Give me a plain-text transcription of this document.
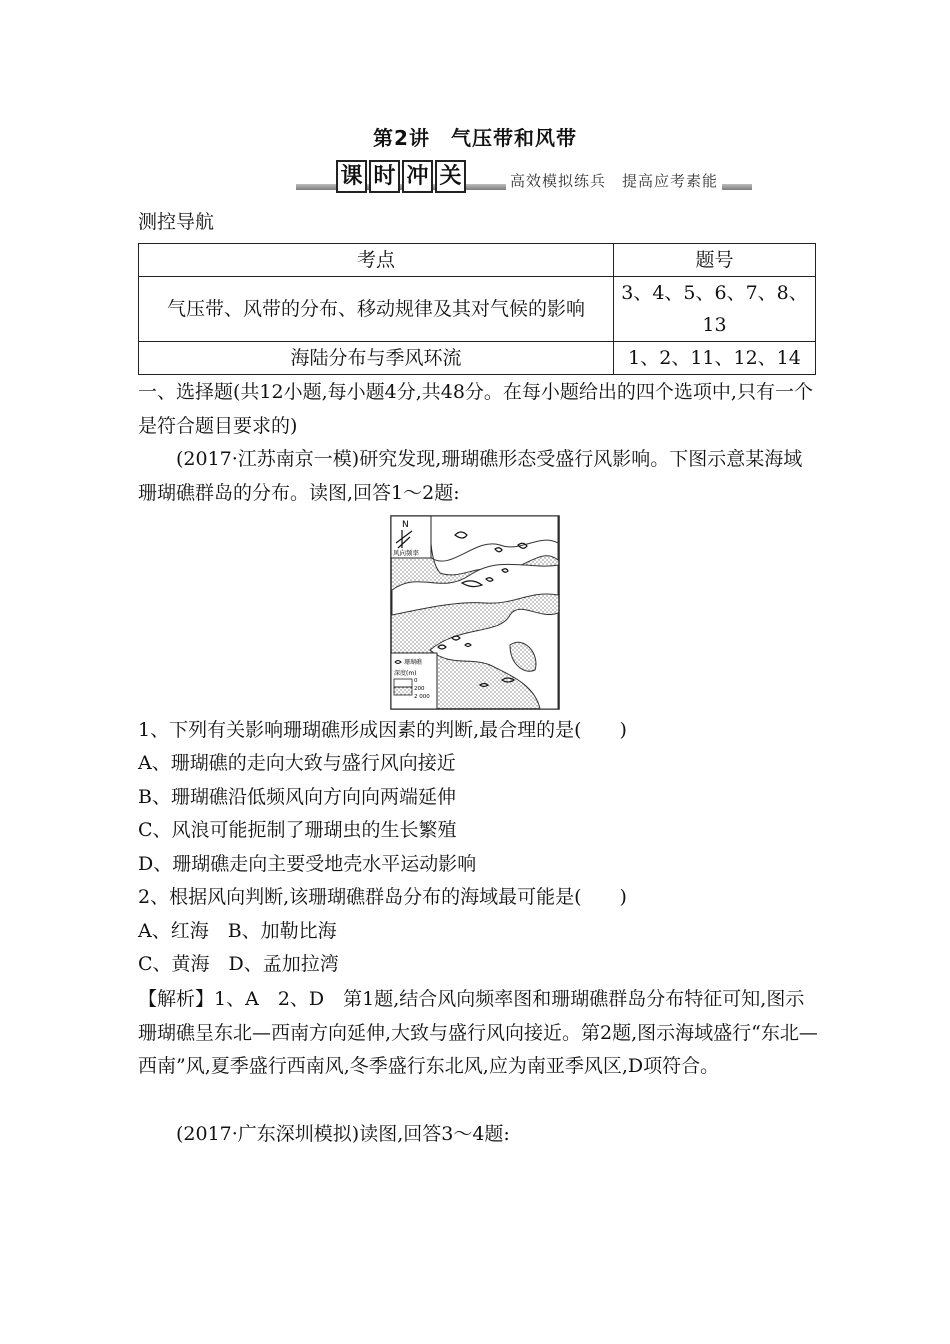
第2讲　气压带和风带
课 时 冲 关	高效模拟练兵　提高应考素能
测控导航
考点	题号
气压带、风带的分布、移动规律及其对气候的影响	3、4、5、6、7、8、13
海陆分布与季风环流	1、2、11、12、14
一、选择题(共12小题,每小题4分,共48分。在每小题给出的四个选项中,只有一个是符合题目要求的)
(2017·江苏南京一模)研究发现,珊瑚礁形态受盛行风影响。下图示意某海域珊瑚礁群岛的分布。读图,回答1～2题:
N
风向频率
珊瑚礁
深度(m)
0
200
2 000
1、下列有关影响珊瑚礁形成因素的判断,最合理的是(　　)
A、珊瑚礁的走向大致与盛行风向接近
B、珊瑚礁沿低频风向方向向两端延伸
C、风浪可能扼制了珊瑚虫的生长繁殖
D、珊瑚礁走向主要受地壳水平运动影响
2、根据风向判断,该珊瑚礁群岛分布的海域最可能是(　　)
A、红海　B、加勒比海
C、黄海　D、孟加拉湾
【解析】1、A　2、D　第1题,结合风向频率图和珊瑚礁群岛分布特征可知,图示珊瑚礁呈东北—西南方向延伸,大致与盛行风向接近。第2题,图示海域盛行“东北—西南”风,夏季盛行西南风,冬季盛行东北风,应为南亚季风区,D项符合。
(2017·广东深圳模拟)读图,回答3～4题:
